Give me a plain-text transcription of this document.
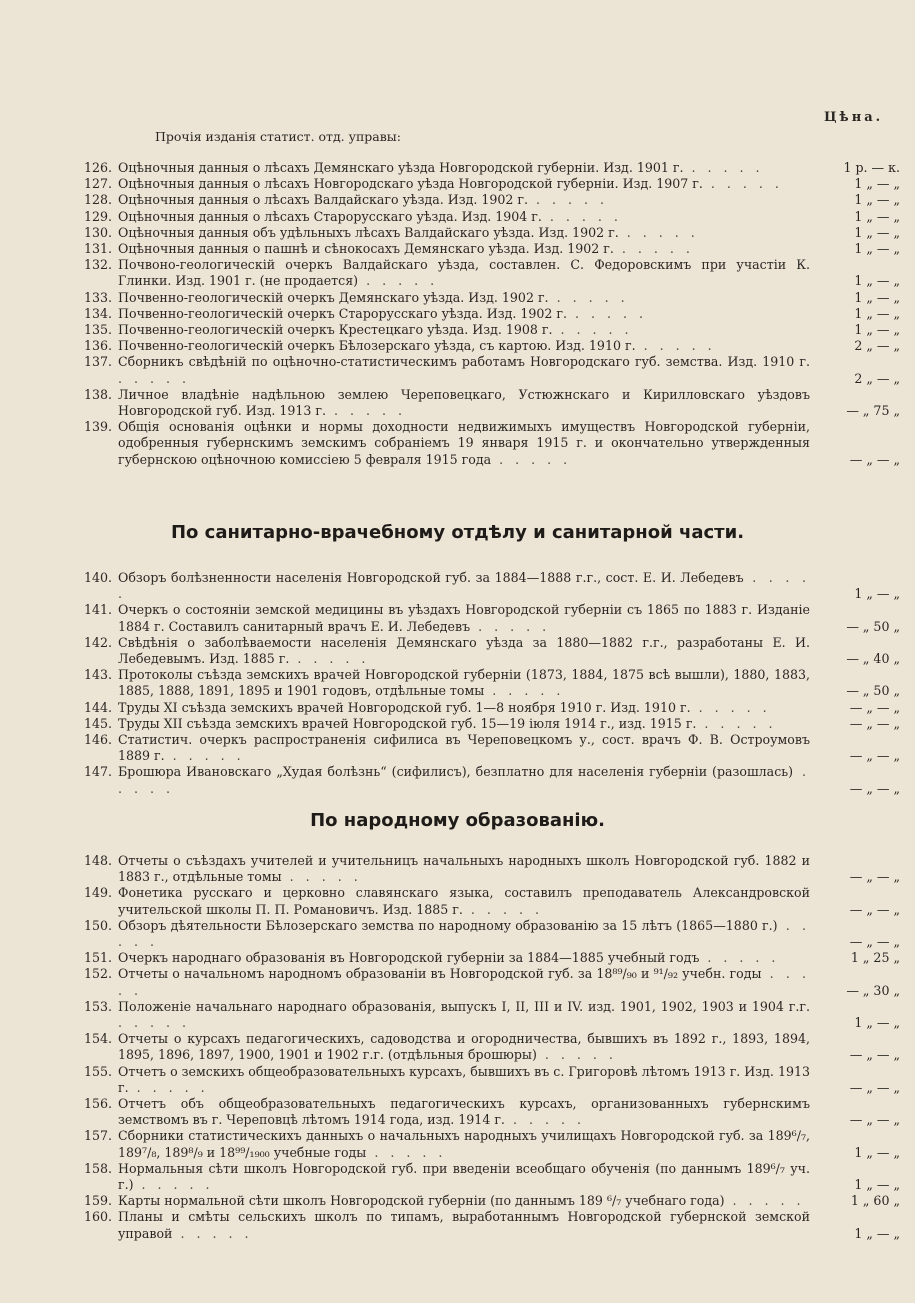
Цѣна.
Прочія изданія статист. отд. управы:
126. Оцѣночныя данныя о лѣсахъ Демянскаго уѣзда Новгородской губерніи. Изд. 1901 г. . . . . .	1 р. — к.
127. Оцѣночныя данныя о лѣсахъ Новгородскаго уѣзда Новгородской губерніи. Изд. 1907 г. . . . . .	1 „ — „
128. Оцѣночныя данныя о лѣсахъ Валдайскаго уѣзда. Изд. 1902 г. . . . . .	1 „ — „
129. Оцѣночныя данныя о лѣсахъ Старорусскаго уѣзда. Изд. 1904 г. . . . . .	1 „ — „
130. Оцѣночныя данныя объ удѣльныхъ лѣсахъ Валдайскаго уѣзда. Изд. 1902 г. . . . . .	1 „ — „
131. Оцѣночныя данныя о пашнѣ и сѣнокосахъ Демянскаго уѣзда. Изд. 1902 г. . . . . .	1 „ — „
132. Почвоно-геологическій очеркъ Валдайскаго уѣзда, составлен. С. Федоровскимъ при участіи К. Глинки. Изд. 1901 г. (не продается) . . . . .	1 „ — „
133. Почвенно-геологическій очеркъ Демянскаго уѣзда. Изд. 1902 г. . . . . .	1 „ — „
134. Почвенно-геологическій очеркъ Старорусскаго уѣзда. Изд. 1902 г. . . . . .	1 „ — „
135. Почвенно-геологическій очеркъ Крестецкаго уѣзда. Изд. 1908 г. . . . . .	1 „ — „
136. Почвенно-геологическій очеркъ Бѣлозерскаго уѣзда, съ картою. Изд. 1910 г. . . . . .	2 „ — „
137. Сборникъ свѣдѣній по оцѣночно-статистическимъ работамъ Новгородскаго губ. земства. Изд. 1910 г. . . . . .	2 „ — „
138. Личное владѣніе надѣльною землею Череповецкаго, Устюжнскаго и Кирилловскаго уѣздовъ Новгородской губ. Изд. 1913 г. . . . . .	— „ 75 „
139. Общія основанія оцѣнки и нормы доходности недвижимыхъ имуществъ Новгородской губерніи, одобренныя губернскимъ земскимъ собраніемъ 19 января 1915 г. и окончательно утвержденныя губернскою оцѣночною комиссіею 5 февраля 1915 года . . . . .	— „ — „
По санитарно-врачебному отдѣлу и санитарной части.
140. Обзоръ болѣзненности населенія Новгородской губ. за 1884—1888 г.г., сост. Е. И. Лебедевъ . . . . .	1 „ — „
141. Очеркъ о состояніи земской медицины въ уѣздахъ Новгородской губерніи съ 1865 по 1883 г. Изданіе 1884 г. Составилъ санитарный врачъ Е. И. Лебедевъ . . . . .	— „ 50 „
142. Свѣдѣнія о заболѣваемости населенія Демянскаго уѣзда за 1880—1882 г.г., разработаны Е. И. Лебедевымъ. Изд. 1885 г. . . . . .	— „ 40 „
143. Протоколы съѣзда земскихъ врачей Новгородской губерніи (1873, 1884, 1875 всѣ вышли), 1880, 1883, 1885, 1888, 1891, 1895 и 1901 годовъ, отдѣльные томы . . . . .	— „ 50 „
144. Труды XI съѣзда земскихъ врачей Новгородской губ. 1—8 ноября 1910 г. Изд. 1910 г. . . . . .	— „ — „
145. Труды XII съѣзда земскихъ врачей Новгородской губ. 15—19 іюля 1914 г., изд. 1915 г. . . . . .	— „ — „
146. Статистич. очеркъ распространенія сифилиса въ Череповецкомъ у., сост. врачъ Ф. В. Остроумовъ 1889 г. . . . . .	— „ — „
147. Брошюра Ивановскаго „Худая болѣзнь“ (сифилисъ), безплатно для населенія губерніи (разошлась) . . . . .	— „ — „
По народному образованію.
148. Отчеты о съѣздахъ учителей и учительницъ начальныхъ народныхъ школъ Новгородской губ. 1882 и 1883 г., отдѣльные томы . . . . .	— „ — „
149. Фонетика русскаго и церковно славянскаго языка, составилъ преподаватель Александровской учительской школы П. П. Романовичъ. Изд. 1885 г. . . . . .	— „ — „
150. Обзоръ дѣятельности Бѣлозерскаго земства по народному образованію за 15 лѣтъ (1865—1880 г.) . . . . .	— „ — „
151. Очеркъ народнаго образованія въ Новгородской губерніи за 1884—1885 учебный годъ . . . . .	1 „ 25 „
152. Отчеты о начальномъ народномъ образованіи въ Новгородской губ. за 18⁸⁹/₉₀ и ⁹¹/₉₂ учебн. годы . . . . .	— „ 30 „
153. Положеніе начальнаго народнаго образованія, выпускъ I, II, III и IV. изд. 1901, 1902, 1903 и 1904 г.г. . . . . .	1 „ — „
154. Отчеты о курсахъ педагогическихъ, садоводства и огородничества, бывшихъ въ 1892 г., 1893, 1894, 1895, 1896, 1897, 1900, 1901 и 1902 г.г. (отдѣльныя брошюры) . . . . .	— „ — „
155. Отчетъ о земскихъ общеобразовательныхъ курсахъ, бывшихъ въ с. Григоровѣ лѣтомъ 1913 г. Изд. 1913 г. . . . . .	— „ — „
156. Отчетъ объ общеобразовательныхъ педагогическихъ курсахъ, организованныхъ губернскимъ земствомъ въ г. Череповцѣ лѣтомъ 1914 года, изд. 1914 г. . . . . .	— „ — „
157. Сборники статистическихъ данныхъ о начальныхъ народныхъ училищахъ Новгородской губ. за 189⁶/₇, 189⁷/₈, 189⁸/₉ и 18⁹⁹/₁₉₀₀ учебные годы . . . . .	1 „ — „
158. Нормальныя сѣти школъ Новгородской губ. при введеніи всеобщаго обученія (по даннымъ 189⁶/₇ уч. г.) . . . . .	1 „ — „
159. Карты нормальной сѣти школъ Новгородской губерніи (по даннымъ 189 ⁶/₇ учебнаго года) . . . . .	1 „ 60 „
160. Планы и смѣты сельскихъ школъ по типамъ, выработаннымъ Новгородской губернской земской управой . . . . .	1 „ — „
